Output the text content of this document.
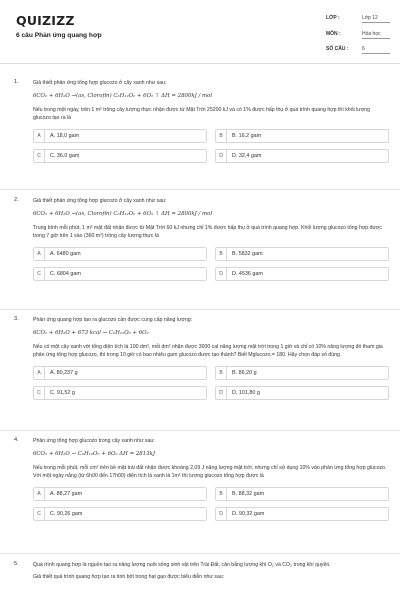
QUIZIZZ
6 câu Phản ứng quang hợp
LỚP :	Lớp 12
MÔN :	Hóa học
SỐ CÂU :	6
1.	Giả thiết phản ứng tổng hợp glucozo ở cây xanh như sau:
6CO₂ + 6H₂O →(as, Clorofin) C₆H₁₂O₆ + 6O₂ ↑ ΔH = 2800kJ / mol
Nếu trong một ngày, trên 1 m² trông cây lượng thực nhận được từ Mặt Trời 25200 kJ và có 1% được hấp thụ ở quá trình quang hợp thì khối lượng glucozo tạo ra là
A	A. 18,0 gam	B	B. 16,2 gam
C	C. 36,0 gam	D	D. 32,4 gam
2.	Giả thiết phản ứng tổng hợp glucozo ở cây xanh như sau:
6CO₂ + 6H₂O →(as, Clorofin) C₆H₁₂O₆ + 6O₂ ↑ ΔH = 2800kJ / mol
Trung bình mỗi phút, 1 m² mặt đất nhận được từ Mặt Trời 60 kJ nhưng chỉ 1% được hấp thụ ở quá trình quang hợp. Khối lượng glucozo tổng hợp được trong 7 giờ trên 1 sào (360 m²) trồng cây lượng thực là
A	A. 6480 gam	B	B. 5832 gam
C	C. 6804 gam	D	D. 4536 gam
3.	Phản ứng quang hợp tạo ra glucozo cần được cung cấp năng lượng:
6CO₂ + 6H₂O + 673 kcal → C₆H₁₂O₆ + 6O₂
Nếu có một cây xanh với tổng diện tích lá 100 dm², mỗi dm² nhận được 3000 cal năng lượng mặt trời trong 1 giờ và chỉ có 10% năng lượng đó tham gia phản ứng tổng hợp glucozo, thì trong 10 giờ có bao nhiêu gam glucozo được tạo thành? Biết Mglucozo = 180. Hãy chọn đáp số đúng
A	A. 80,237 g	B	B. 86,20 g
C	C. 91,52 g	D	D. 101,80 g
4.	Phản ứng tổng hợp glucozo trong cây xanh như sau:
6CO₂ + 6H₂O → C₆H₁₂O₆ + 6O₂ ΔH = 2813kJ
Nếu trong mỗi phút, mỗi cm² trên bề mặt trái đất nhận được khoảng 2,09 J năng lượng mặt trời, nhưng chỉ sử dụng 10% vào phản ứng tổng hợp glucozo. Với một ngày nắng (từ 6h00 đến 17h00) diện tích lá xanh là 1m² thì lượng glucozo tổng hợp được là
A	A. 88,27 gam	B	B. 88,32 gam
C	C. 90,26 gam	D	D. 90,32 gam
5.	Quá trình quang hợp là nguồn tạo ra năng lượng nuôi sống sinh vật trên Trái Đất, cân bằng lượng khí O₂ và CO₂ trong khí quyển.
Giả thiết quá trình quang hợp tạo ra tinh bột trong hạt gạo được biểu diễn như sau:
